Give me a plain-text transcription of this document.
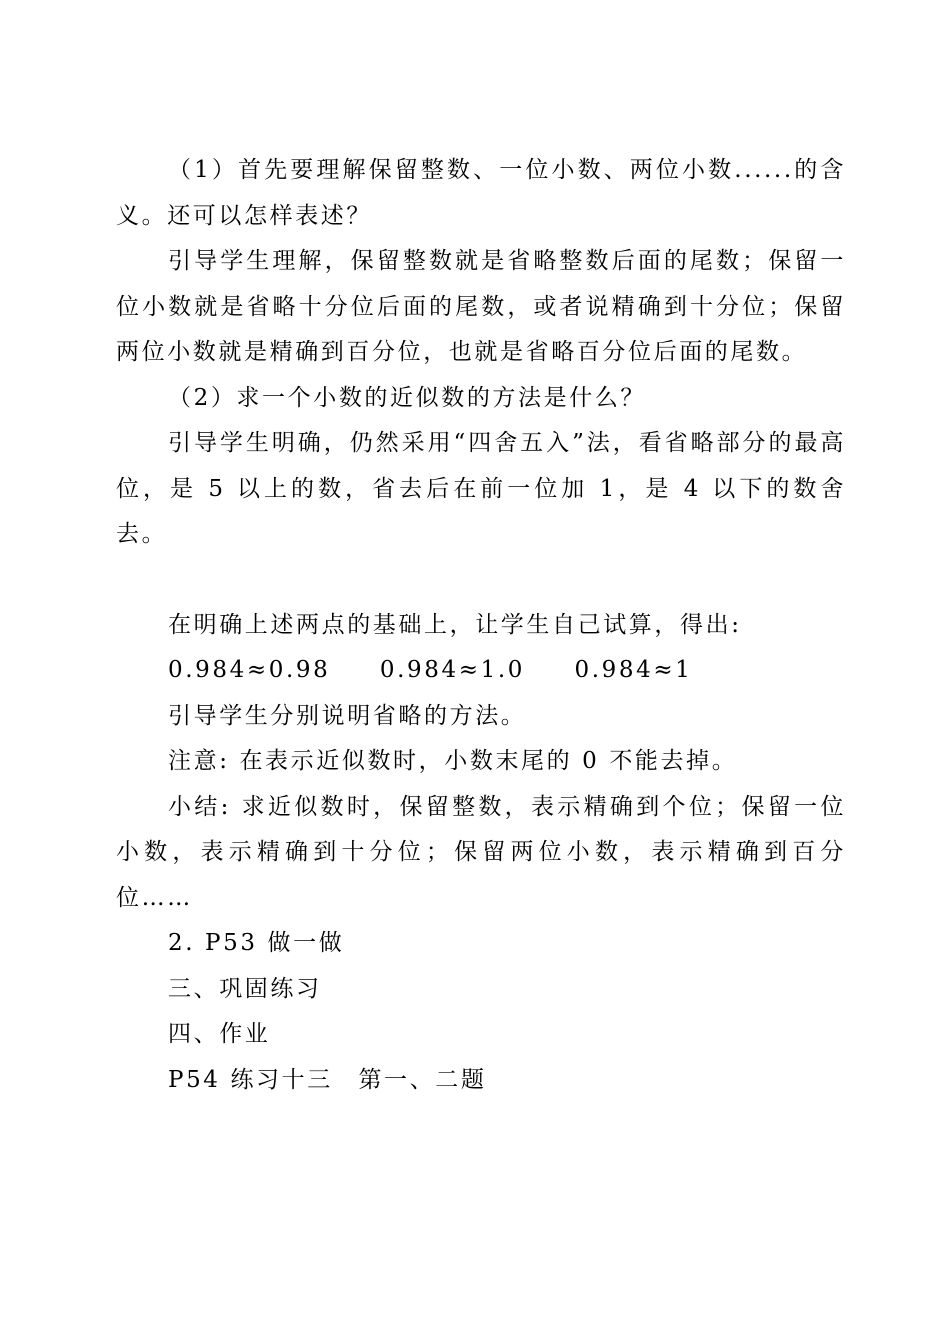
（1）首先要理解保留整数、一位小数、两位小数......的含义。还可以怎样表述？

引导学生理解，保留整数就是省略整数后面的尾数；保留一位小数就是省略十分位后面的尾数，或者说精确到十分位；保留两位小数就是精确到百分位，也就是省略百分位后面的尾数。

（2）求一个小数的近似数的方法是什么？

引导学生明确，仍然采用“四舍五入”法，看省略部分的最高位，是 5 以上的数，省去后在前一位加 1，是 4 以下的数舍去。

在明确上述两点的基础上，让学生自己试算，得出:

0.984≈0.98     0.984≈1.0     0.984≈1

引导学生分别说明省略的方法。

注意: 在表示近似数时，小数末尾的 0 不能去掉。

小结: 求近似数时，保留整数，表示精确到个位；保留一位小数，表示精确到十分位；保留两位小数，表示精确到百分位……

2. P53 做一做

三、巩固练习

四、作业

P54 练习十三　第一、二题
